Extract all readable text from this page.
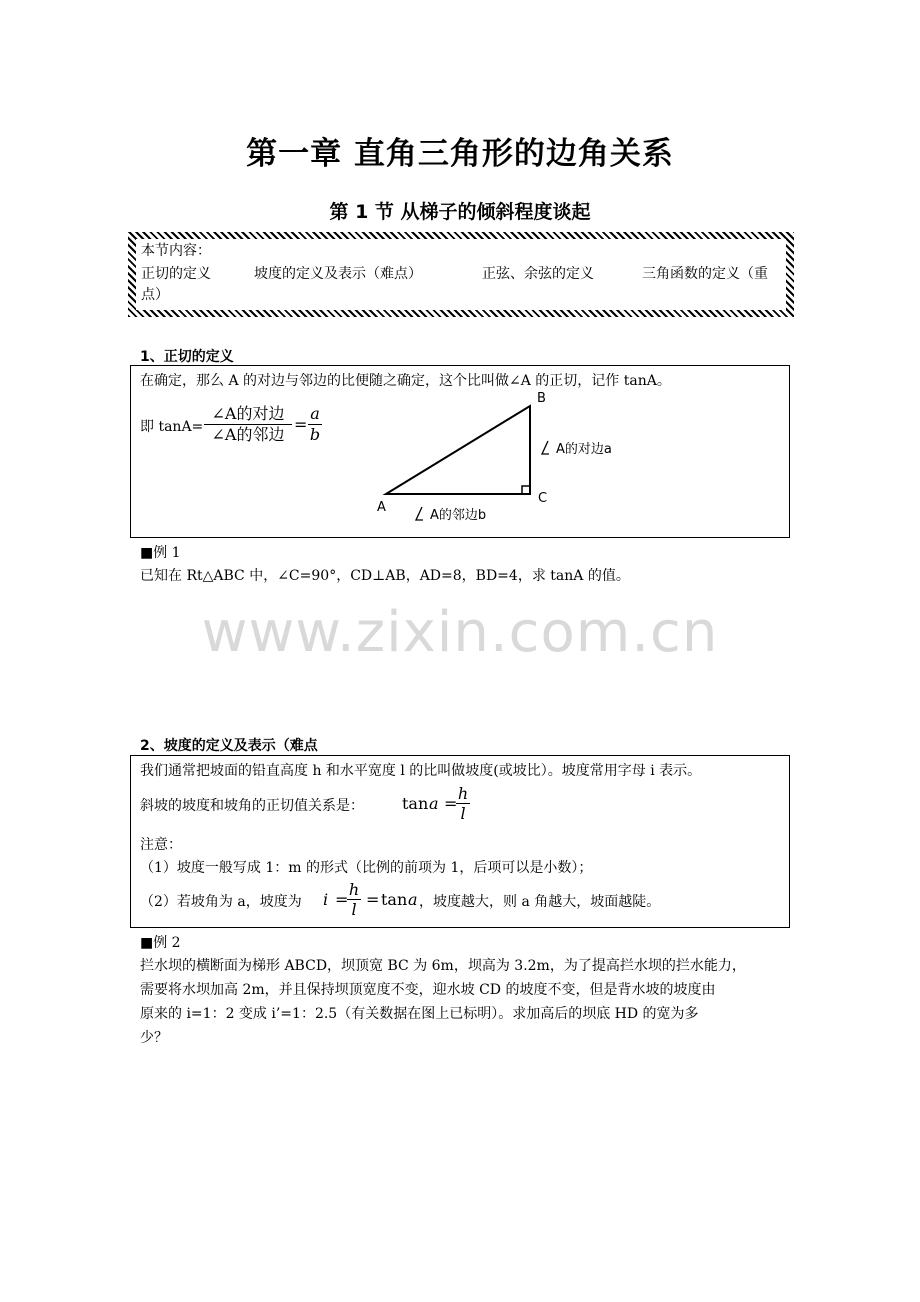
第一章 直角三角形的边角关系
第 1 节 从梯子的倾斜程度谈起
本节内容：
正切的定义	坡度的定义及表示（难点）	正弦、余弦的定义	三角函数的定义（重
点）
1、正切的定义
在确定，那么 A 的对边与邻边的比便随之确定，这个比叫做∠A 的正切，记作 tanA。
即 tanA=
∠A的对边
∠A的邻边
=
a
b
B
A
C
A的对边a
A的邻边b
■例 1
已知在 Rt△ABC 中，∠C=90°，CD⊥AB，AD=8，BD=4，求 tanA 的值。
www.zixin.com.cn
2、坡度的定义及表示（难点
我们通常把坡面的铅直高度 h 和水平宽度 l 的比叫做坡度(或坡比）。坡度常用字母 i 表示。
斜坡的坡度和坡角的正切值关系是： tan a =
h
l
注意：
（1）坡度一般写成 1：m 的形式（比例的前项为 1，后项可以是小数）；
（2）若坡角为 a，坡度为 i =
h
l
= tan a ，坡度越大，则 a 角越大，坡面越陡。
■例 2
拦水坝的横断面为梯形 ABCD，坝顶宽 BC 为 6m，坝高为 3.2m，为了提高拦水坝的拦水能力，
需要将水坝加高 2m，并且保持坝顶宽度不变，迎水坡 CD 的坡度不变，但是背水坡的坡度由
原来的 i=1：2 变成 i’=1：2.5（有关数据在图上已标明）。求加高后的坝底 HD 的宽为多
少？
